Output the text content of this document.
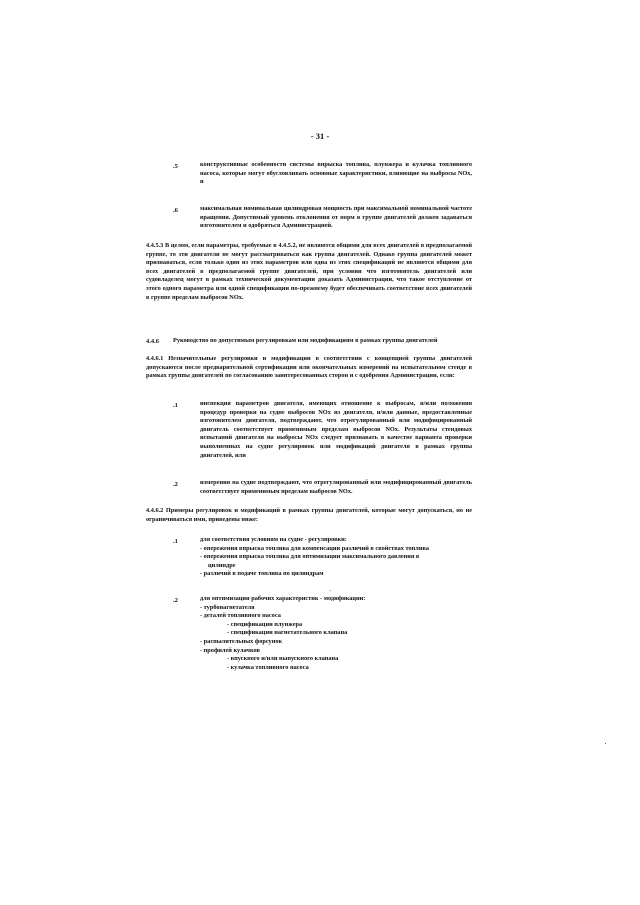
- 31 -
.5	конструктивные особенности системы впрыска топлива, плунжера и кулачка топливного насоса, которые могут обусловливать основные характеристики, влияющие на выбросы NOx, и
.6	максимальная номинальная цилиндровая мощность при максимальной номинальной частоте вращения. Допустимый уровень отклонения от норм в группе двигателей должен задаваться изготовителем и одобряться Администрацией.
4.4.5.3 В целом, если параметры, требуемые в 4.4.5.2, не являются общими для всех двигателей в предполагаемой группе, то эти двигатели не могут рассматриваться как группа двигателей. Однако группа двигателей может признаваться, если только один из этих параметров или одна из этих спецификаций не являются общими для всех двигателей в предполагаемой группе двигателей, при условии что изготовитель двигателей или судовладелец могут в рамках технической документации доказать Администрации, что такое отступление от этого одного параметра или одной спецификации по-прежнему будет обеспечивать соответствие всех двигателей в группе пределам выбросов NOx.
4.4.6 Руководство по допустимым регулировкам или модификациям в рамках группы двигателей
4.4.6.1 Незначительные регулировки и модификации в соответствии с концепцией группы двигателей допускаются после предварительной сертификации или окончательных измерений на испытательном стенде в рамках группы двигателей по согласованию заинтересованных сторон и с одобрения Администрации, если:
.1	инспекция параметров двигателя, имеющих отношение к выбросам, и/или положения процедур проверки на судне выбросов NOx из двигателя, и/или данные, предоставленные изготовителем двигателя, подтверждают, что отрегулированный или модифицированный двигатель соответствует применимым пределам выбросов NOx. Результаты стендовых испытаний двигателя на выбросы NOx следует признавать в качестве варианта проверки выполненных на судне регулировок или модификаций двигателя в рамках группы двигателей, или
.2	измерения на судне подтверждают, что отрегулированный или модифицированный двигатель соответствует применимым пределам выбросов NOx.
4.4.6.2 Примеры регулировок и модификаций в рамках группы двигателей, которые могут допускаться, но не ограничиваться ими, приведены ниже:
.1	для соответствия условиям на судне - регулировки:
- опережения впрыска топлива для компенсации различий в свойствах топлива
- опережения впрыска топлива для оптимизации максимального давления в
цилиндре
- различий в подаче топлива по цилиндрам
.2	для оптимизации рабочих характеристик - модификации:
- турбонагнетателя
- деталей топливного насоса
- спецификации плунжера
- спецификации нагнетательного клапана
- распылительных форсунок
- профилей кулачков
- впускного и/или выпускного клапана
- кулачка топливного насоса
